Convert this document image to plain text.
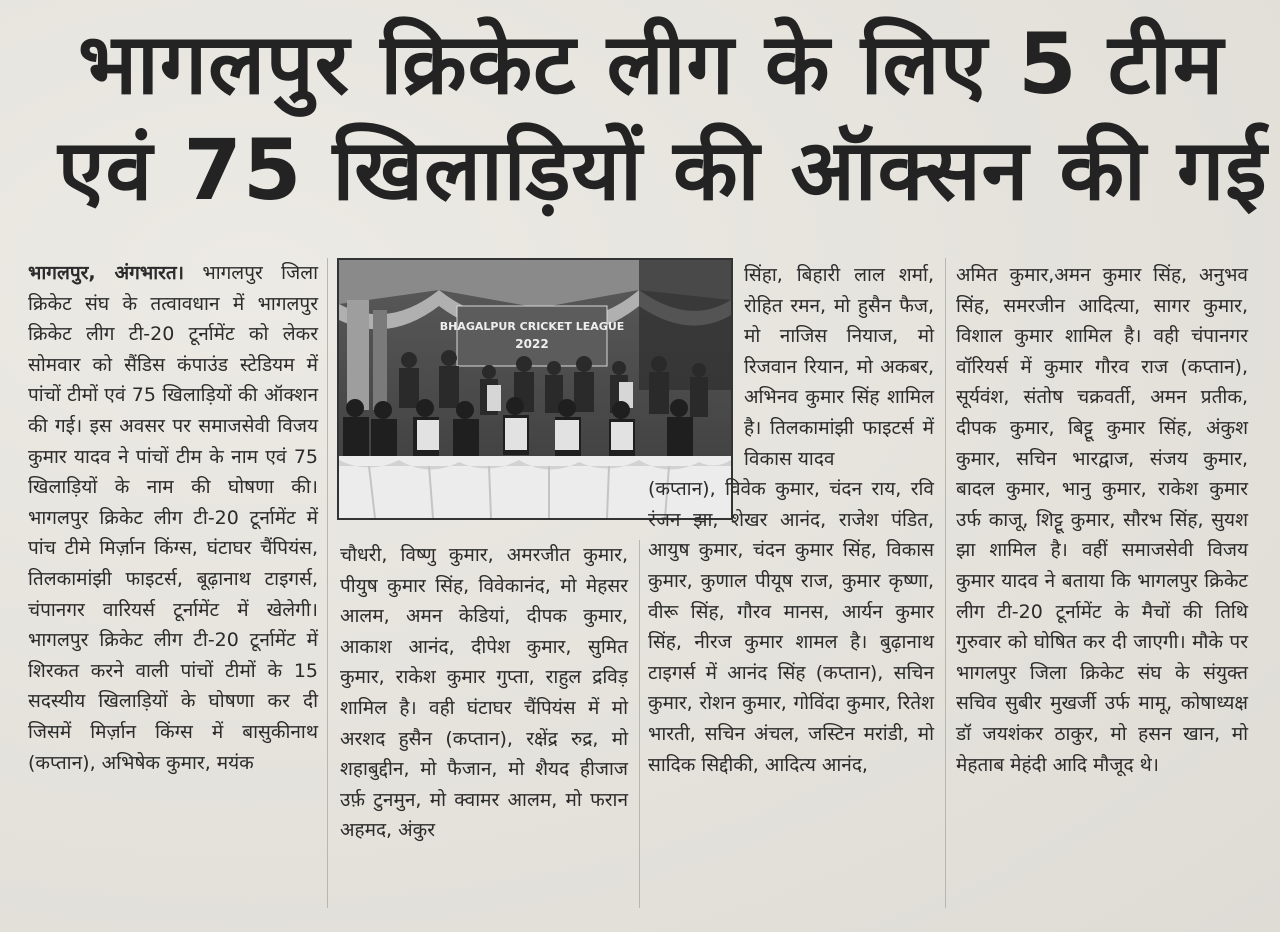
भागलपुर क्रिकेट लीग के लिए 5 टीम
एवं 75 खिलाड़ियों की ऑक्सन की गई

भागलपुर, अंगभारत। भागलपुर जिला क्रिकेट संघ के तत्वावधान में भागलपुर क्रिकेट लीग टी-20 टूर्नामेंट को लेकर सोमवार को सैंडिस कंपाउंड स्टेडियम में पांचों टीमों एवं 75 खिलाड़ियों की ऑक्शन की गई। इस अवसर पर समाजसेवी विजय कुमार यादव ने पांचों टीम के नाम एवं 75 खिलाड़ियों के नाम की घोषणा की। भागलपुर क्रिकेट लीग टी-20 टूर्नामेंट में पांच टीमे मिर्ज़ान किंग्स, घंटाघर चैंपियंस, तिलकामांझी फाइटर्स, बूढ़ानाथ टाइगर्स, चंपानगर वारियर्स टूर्नामेंट में खेलेगी। भागलपुर क्रिकेट लीग टी-20 टूर्नामेंट में शिरकत करने वाली पांचों टीमों के 15 सदस्यीय खिलाड़ियों के घोषणा कर दी जिसमें मिर्ज़ान किंग्स में बासुकीनाथ (कप्तान), अभिषेक कुमार, मयंक

BHAGALPUR CRICKET LEAGUE
2022

चौधरी, विष्णु कुमार, अमरजीत कुमार, पीयुष कुमार सिंह, विवेकानंद, मो मेहसर आलम, अमन केडियां, दीपक कुमार, आकाश आनंद, दीपेश कुमार, सुमित कुमार, राकेश कुमार गुप्ता, राहुल द्रविड़ शामिल है। वही घंटाघर चैंपियंस में मो अरशद हुसैन (कप्तान), रक्षेंद्र रुद्र, मो शहाबुद्दीन, मो फैजान, मो शैयद हीजाज उर्फ़ टुनमुन, मो क्वामर आलम, मो फरान अहमद, अंकुर

सिंहा, बिहारी लाल शर्मा, रोहित रमन, मो हुसैन फैज, मो नाजिस नियाज, मो रिजवान रियान, मो अकबर, अभिनव कुमार सिंह शामिल है। तिलकामांझी फाइटर्स में विकास यादव

(कप्तान), विवेक कुमार, चंदन राय, रवि रंजन झा, शेखर आनंद, राजेश पंडित, आयुष कुमार, चंदन कुमार सिंह, विकास कुमार, कुणाल पीयूष राज, कुमार कृष्णा, वीरू सिंह, गौरव मानस, आर्यन कुमार सिंह, नीरज कुमार शामल है। बुढ़ानाथ टाइगर्स में आनंद सिंह (कप्तान), सचिन कुमार, रोशन कुमार, गोविंदा कुमार, रितेश भारती, सचिन अंचल, जस्टिन मरांडी, मो सादिक सिद्दीकी, आदित्य आनंद,

अमित कुमार,अमन कुमार सिंह, अनुभव सिंह, समरजीन आदित्या, सागर कुमार, विशाल कुमार शामिल है। वही चंपानगर वॉरियर्स में कुमार गौरव राज (कप्तान), सूर्यवंश, संतोष चक्रवर्ती, अमन प्रतीक, दीपक कुमार, बिट्टू कुमार सिंह, अंकुश कुमार, सचिन भारद्वाज, संजय कुमार, बादल कुमार, भानु कुमार, राकेश कुमार उर्फ काजू, शिट्टू कुमार, सौरभ सिंह, सुयश झा शामिल है। वहीं समाजसेवी विजय कुमार यादव ने बताया कि भागलपुर क्रिकेट लीग टी-20 टूर्नामेंट के मैचों की तिथि गुरुवार को घोषित कर दी जाएगी। मौके पर भागलपुर जिला क्रिकेट संघ के संयुक्त सचिव सुबीर मुखर्जी उर्फ मामू, कोषाध्यक्ष डॉ जयशंकर ठाकुर, मो हसन खान, मो मेहताब मेहंदी आदि मौजूद थे।
